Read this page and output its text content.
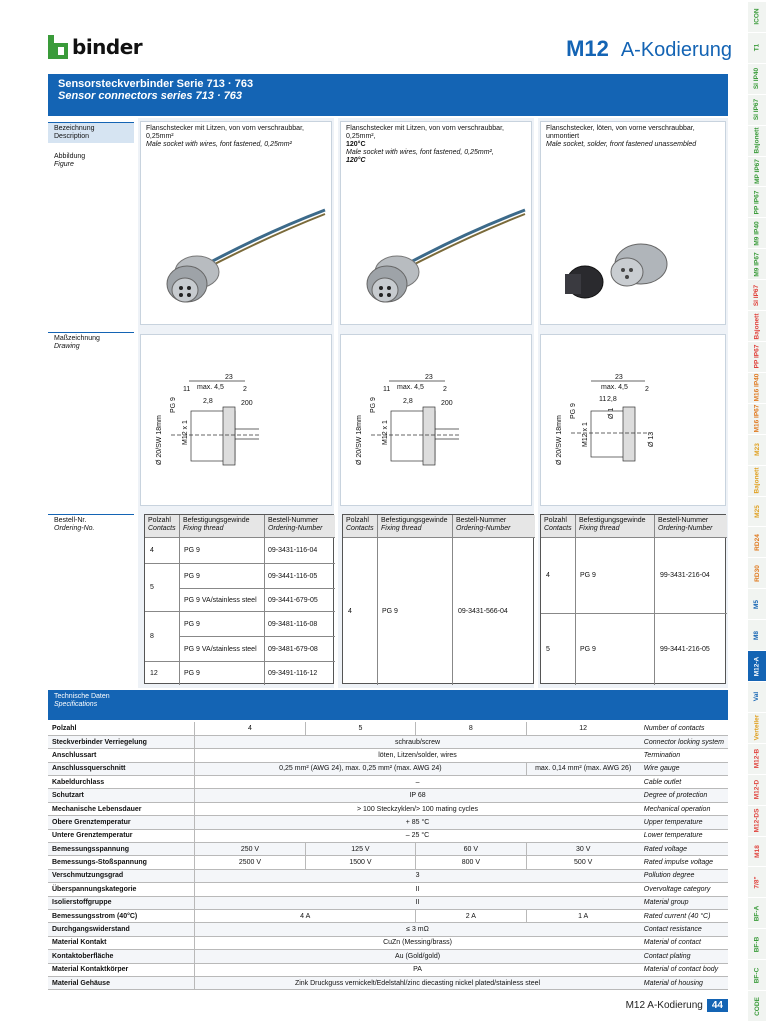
binder	M12 A-Kodierung
Sensorsteckverbinder Serie 713 · 763
Sensor connectors series 713 · 763
Bezeichnung
Description
Abbildung
Figure
Maßzeichnung
Drawing
Bestell-Nr.
Ordering-No.
Flanschstecker mit Litzen, von vorn verschraubbar, 0,25mm²
Male socket with wires, font fastened, 0,25mm²
Flanschstecker mit Litzen, von vorn verschraubbar, 0,25mm²,
120°C
Male socket with wires, font fastened, 0,25mm²,
120°C
Flanschstecker, löten, von vorne verschraubbar, unmontiert
Male socket, solder, front fastened unassembled
23
11 max. 4,5	2
2,8	200
PG 9
M12 x 1
Ø 20/SW 18mm
23
11 max. 4,5	2
2,8	200
PG 9
M12 x 1
Ø 20/SW 18mm
23
11
max. 4,5 2
2,8
PG 9
M12 x 1
Ø 20/SW 18mm
Ø 1
Ø 13
Polzahl
Contacts
Befestigungsgewinde
Fixing thread
Bestell-Nummer
Ordering-Number
4	PG 9	09-3431-116-04
5
PG 9	09-3441-116-05
PG 9 VA/stainless steel	09-3441-679-05
8
PG 9	09-3481-116-08
PG 9 VA/stainless steel	09-3481-679-08
12	PG 9	09-3491-116-12
Polzahl
Contacts
Befestigungsgewinde
Fixing thread
Bestell-Nummer
Ordering-Number
4	PG 9	09-3431-566-04
Polzahl
Contacts
Befestigungsgewinde
Fixing thread
Bestell-Nummer
Ordering-Number
4	PG 9	99-3431-216-04
5	PG 9	99-3441-216-05
Technische Daten
Specifications
Polzahl	4	5	8	12	Number of contacts
Steckverbinder Verriegelung	schraub/screw				Connector locking system
Anschlussart	löten, Litzen/solder, wires				Termination
Anschlussquerschnitt	0,25 mm² (AWG 24), max. 0,25 mm² (max. AWG 24)			max. 0,14 mm² (max. AWG 26)	Wire gauge
Kabeldurchlass	–				Cable outlet
Schutzart	IP 68				Degree of protection
Mechanische Lebensdauer	> 100 Steckzyklen/> 100 mating cycles				Mechanical operation
Obere Grenztemperatur	+ 85 °C				Upper temperature
Untere Grenztemperatur	– 25 °C				Lower temperature
Bemessungsspannung	250 V	125 V	60 V	30 V	Rated voltage
Bemessungs-Stoßspannung	2500 V	1500 V	800 V	500 V	Rated impulse voltage
Verschmutzungsgrad	3				Pollution degree
Überspannungskategorie	II				Overvoltage category
Isolierstoffgruppe	II				Material group
Bemessungsstrom (40°C)	4 A		2 A	1 A	Rated current (40 °C)
Durchgangswiderstand	≤ 3 mΩ				Contact resistance
Material Kontakt	CuZn (Messing/brass)				Material of contact
Kontaktoberfläche	Au (Gold/gold)				Contact plating
Material Kontaktkörper	PA				Material of contact body
Material Gehäuse	Zink Druckguss vernickelt/Edelstahl/zinc diecasting nickel plated/stainless steel				Material of housing
M12 A-Kodierung 44
ICON
T1
SI IP40
SI IP67
Bajonett
MP IP67
PP IP67
M9 IP40
M9 IP67
SI IP67
Bajonett
PP IP67
M16 IP40
M16 IP67
M23
Bajonett
M25
RD24
RD30
M5
M8
M12-A
Val
Verteiler
M12-B
M12-D
M12-DS
M18
7/8"
BF-A
BF-B
BF-C
CODE
